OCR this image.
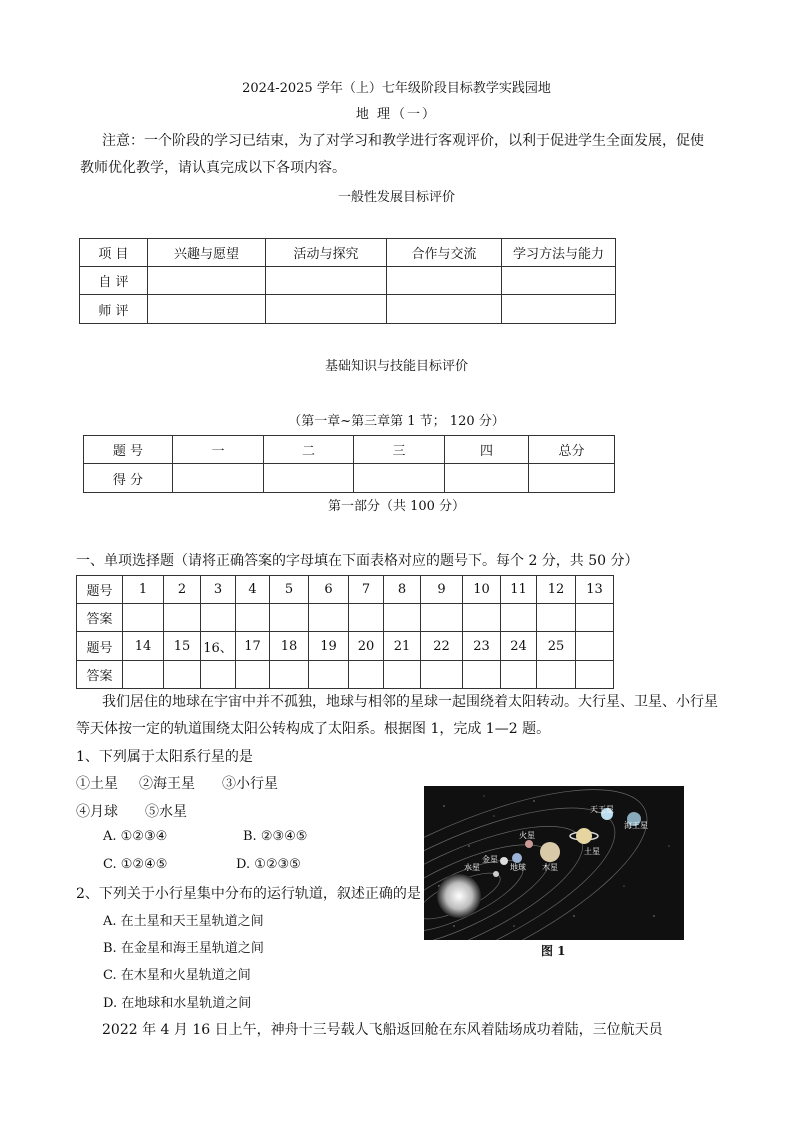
2024-2025 学年（上）七年级阶段目标教学实践园地
地 理（一）
注意：一个阶段的学习已结束，为了对学习和教学进行客观评价，以利于促进学生全面发展，促使
教师优化教学，请认真完成以下各项内容。
一般性发展目标评价
项 目	兴趣与愿望	活动与探究	合作与交流	学习方法与能力
自 评				
师 评				
基础知识与技能目标评价
（第一章~第三章第 1 节； 120 分）
题 号	一	二	三	四	总分
得 分					
第一部分（共 100 分）
一、单项选择题（请将正确答案的字母填在下面表格对应的题号下。每个 2 分，共 50 分）
题号	1	2	3	4	5	6	7	8	9	10	11	12	13
答案													
题号	14	15	16、	17	18	19	20	21	22	23	24	25	
答案													
我们居住的地球在宇宙中并不孤独，地球与相邻的星球一起围绕着太阳转动。大行星、卫星、小行星
等天体按一定的轨道围绕太阳公转构成了太阳系。根据图 1，完成 1—2 题。
1、下列属于太阳系行星的是
①土星 ②海王星 ③小行星
④月球 ⑤水星
A. ①②③④	B. ②③④⑤
C. ①②④⑤	D. ①②③⑤
2、下列关于小行星集中分布的运行轨道，叙述正确的是
A. 在土星和天王星轨道之间
B. 在金星和海王星轨道之间
C. 在木星和火星轨道之间
D. 在地球和水星轨道之间
天王星
海王星
火星
土星
金星
水星	地球 木星
图 1
2022 年 4 月 16 日上午，神舟十三号载人飞船返回舱在东风着陆场成功着陆，三位航天员
